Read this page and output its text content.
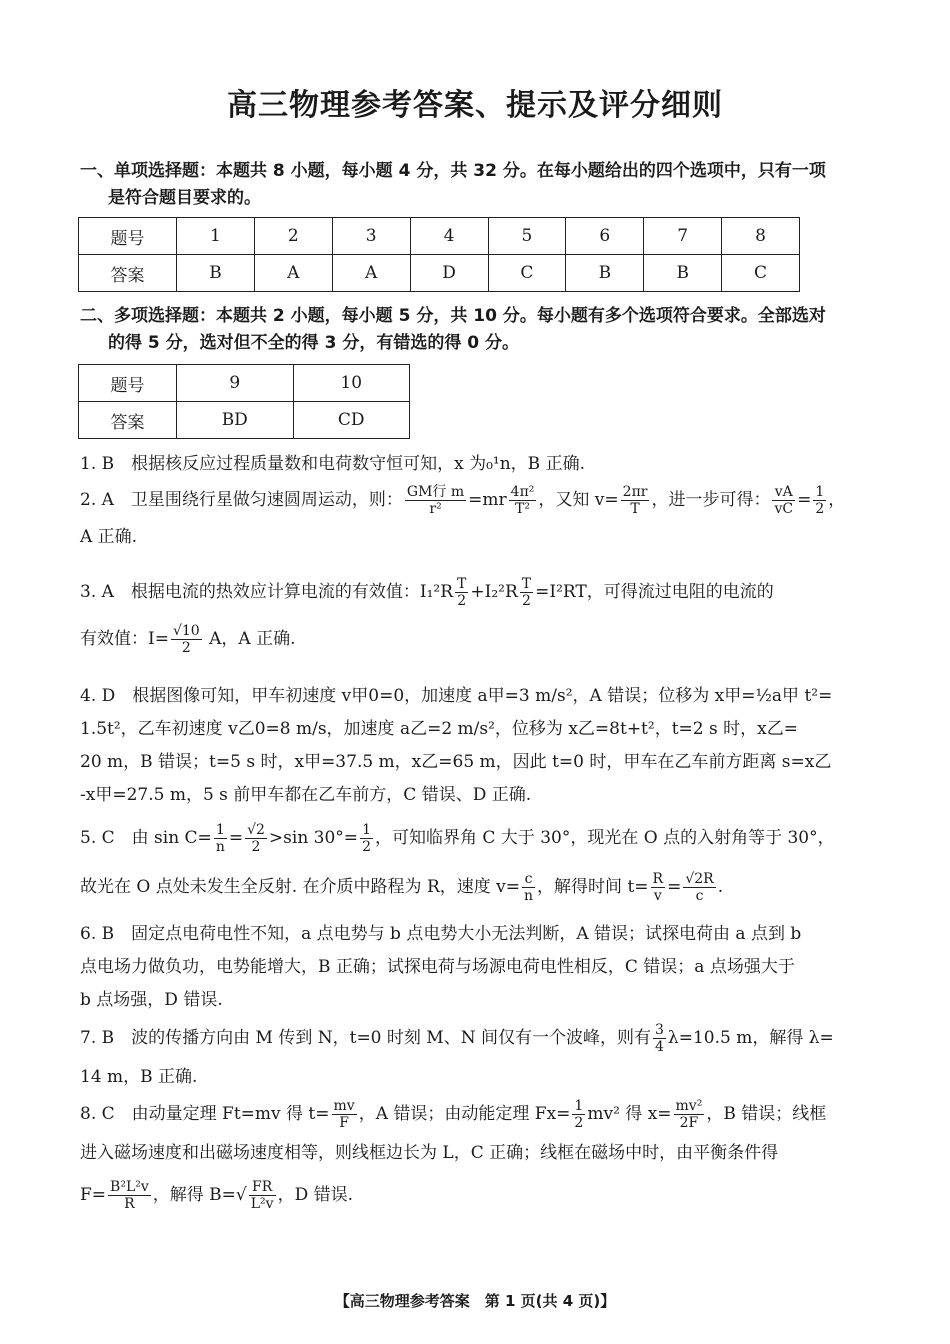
高三物理参考答案、提示及评分细则
一、单项选择题：本题共 8 小题，每小题 4 分，共 32 分。在每小题给出的四个选项中，只有一项
是符合题目要求的。
题号	1	2	3	4	5	6	7	8
答案	B	A	A	D	C	B	B	C
二、多项选择题：本题共 2 小题，每小题 5 分，共 10 分。每小题有多个选项符合要求。全部选对
的得 5 分，选对但不全的得 3 分，有错选的得 0 分。
题号	9	10
答案	BD	CD
1. B　根据核反应过程质量数和电荷数守恒可知，x 为₀¹n，B 正确.
2. A　卫星围绕行星做匀速圆周运动，则： $\frac{\text{GM行 m}}{\text{r²}} =mr \frac{\text{4π²}}{\text{T²}}$ ，又知 $v= \frac{2\pi r}{T}$ ，进一步可得： $\frac{vA}{vC} = \frac{1}{2}$ ，
A 正确.
3. A　根据电流的热效应计算电流的有效值：$I_1^2R \frac{T}{2} +I_2^2R \frac{T}{2} =I^2RT$，可得流过电阻的电流的
有效值：$I= \frac{√10}{2}$ A，A 正确.
4. D　根据图像可知，甲车初速度 v甲0=0，加速度 a甲=3 m/s²，A 错误；位移为 x甲=½a甲 t²=
1.5t²，乙车初速度 v乙0=8 m/s，加速度 a乙=2 m/s²，位移为 x乙=8t+t²，t=2 s 时，x乙=
20 m，B 错误；t=5 s 时，x甲=37.5 m，x乙=65 m，因此 t=0 时，甲车在乙车前方距离 s=x乙
-x甲=27.5 m，5 s 前甲车都在乙车前方，C 错误、D 正确.
5. C　由 $\sin C= \frac{1}{n} = \frac{√2}{2} >\sin$ $30^\circ= \frac{1}{2}$ ，可知临界角 C 大于 30°，现光在 O 点的入射角等于 30°，
故光在 O 点处未发生全反射. 在介质中路程为 R，速度 $v= \frac{c}{n}$ ，解得时间 $t= \frac{R}{v} = \frac{√2R}{c}$ .
6. B　固定点电荷电性不知，a 点电势与 b 点电势大小无法判断，A 错误；试探电荷由 a 点到 b
点电场力做负功，电势能增大，B 正确；试探电荷与场源电荷电性相反，C 错误；a 点场强大于
b 点场强，D 错误.
7. B　波的传播方向由 M 传到 N，t=0 时刻 M、N 间仅有一个波峰，则有 $\frac{3}{4} \lambda=10.5$ m，解得 λ=
14 m，B 正确.
8. C　由动量定理 Ft=mv 得 $t= \frac{mv}{F}$ ，A 错误；由动能定理 $Fx= \frac{1}{2} mv^2$ 得 $x= \frac{\text{mv²}}{2F}$ ，B 错误；线框
进入磁场速度和出磁场速度相等，则线框边长为 L，C 正确；线框在磁场中时，由平衡条件得
$F= \frac{\text{B²L²v}}{R}$ ，解得 $B=√ \frac{FR}{\text{L²v}}$ ，D 错误.
【高三物理参考答案　第 1 页(共 4 页)】
